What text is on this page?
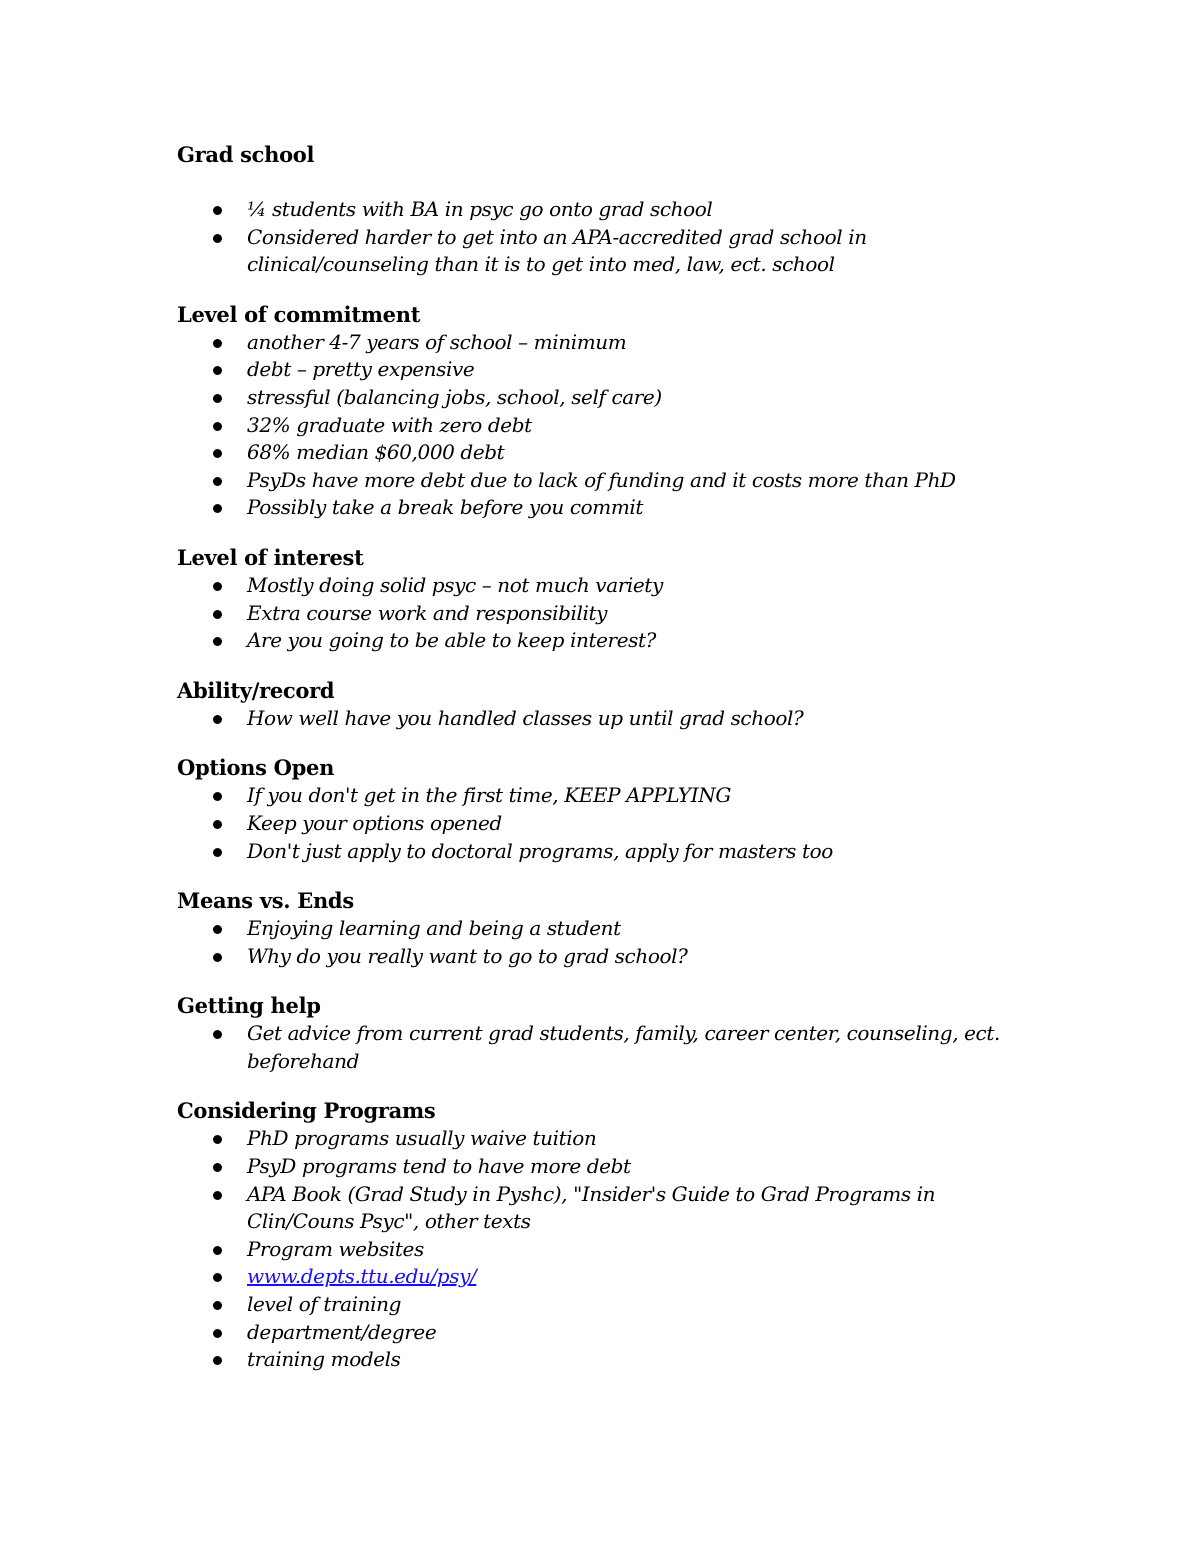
Grad school

¼ students with BA in psyc go onto grad school
Considered harder to get into an APA-accredited grad school in
clinical/counseling than it is to get into med, law, ect. school

Level of commitment

another 4-7 years of school – minimum
debt – pretty expensive
stressful (balancing jobs, school, self care)
32% graduate with zero debt
68% median $60,000 debt
PsyDs have more debt due to lack of funding and it costs more than PhD
Possibly take a break before you commit

Level of interest

Mostly doing solid psyc – not much variety
Extra course work and responsibility
Are you going to be able to keep interest?

Ability/record

How well have you handled classes up until grad school?

Options Open

If you don't get in the first time, KEEP APPLYING
Keep your options opened
Don't just apply to doctoral programs, apply for masters too

Means vs. Ends

Enjoying learning and being a student
Why do you really want to go to grad school?

Getting help

Get advice from current grad students, family, career center, counseling, ect.
beforehand

Considering Programs

PhD programs usually waive tuition
PsyD programs tend to have more debt
APA Book (Grad Study in Pyshc), "Insider's Guide to Grad Programs in
Clin/Couns Psyc", other texts
Program websites
www.depts.ttu.edu/psy/
level of training
department/degree
training models
